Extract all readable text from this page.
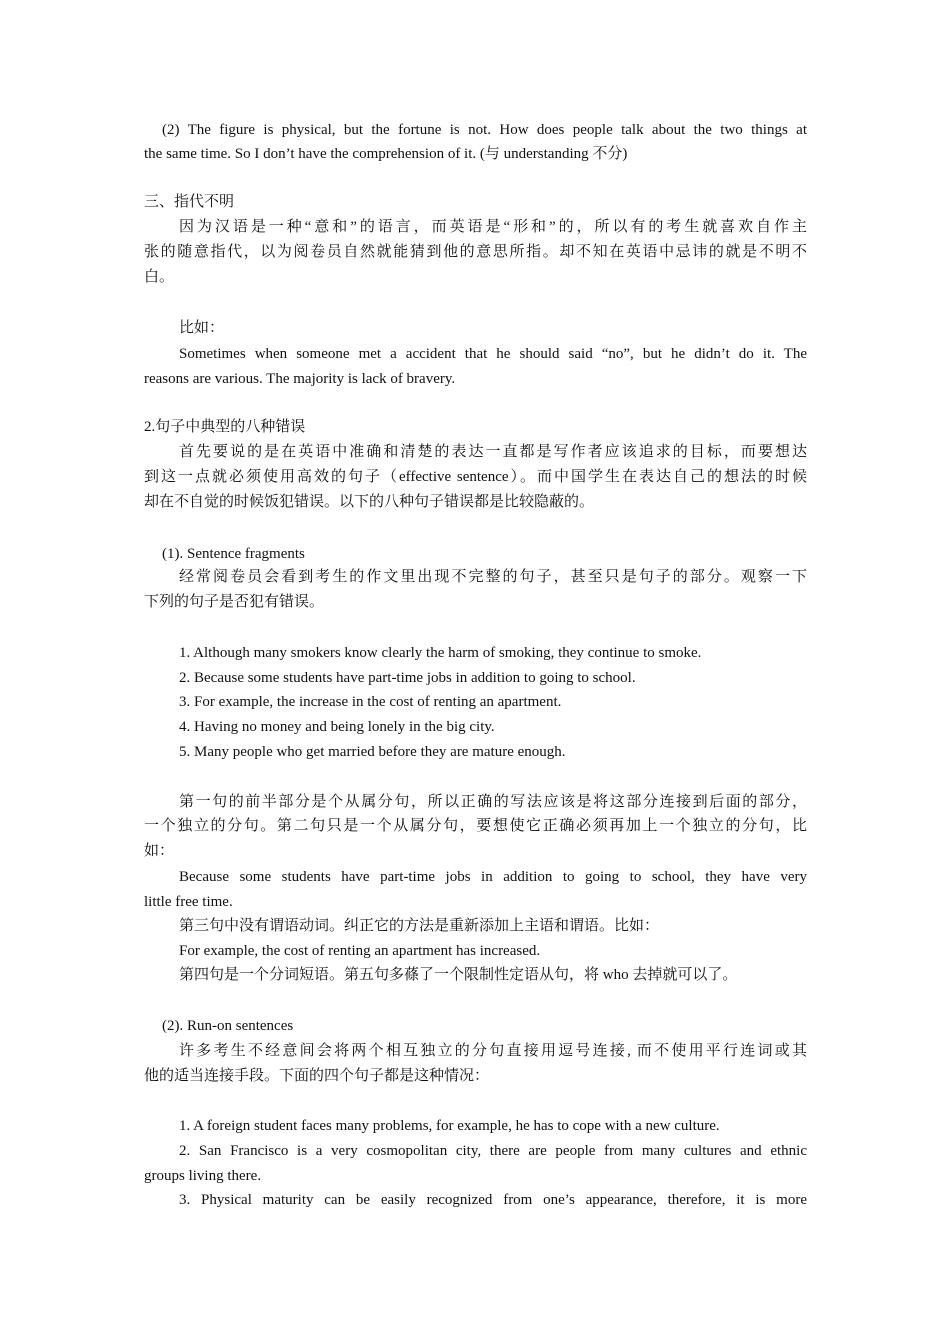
(2) The figure is physical, but the fortune is not. How does people talk about the two things at
the same time. So I don’t have the comprehension of it. (与 understanding 不分)
三、指代不明
因为汉语是一种“意和”的语言，而英语是“形和”的，所以有的考生就喜欢自作主
张的随意指代，以为阅卷员自然就能猜到他的意思所指。却不知在英语中忌讳的就是不明不
白。
比如：
Sometimes when someone met a accident that he should said “no”, but he didn’t do it. The
reasons are various. The majority is lack of bravery.
2.句子中典型的八种错误
首先要说的是在英语中准确和清楚的表达一直都是写作者应该追求的目标，而要想达
到这一点就必须使用高效的句子（effective sentence）。而中国学生在表达自己的想法的时候
却在不自觉的时候饭犯错误。以下的八种句子错误都是比较隐蔽的。
(1). Sentence fragments
经常阅卷员会看到考生的作文里出现不完整的句子，甚至只是句子的部分。观察一下
下列的句子是否犯有错误。
1. Although many smokers know clearly the harm of smoking, they continue to smoke.
2. Because some students have part-time jobs in addition to going to school.
3. For example, the increase in the cost of renting an apartment.
4. Having no money and being lonely in the big city.
5. Many people who get married before they are mature enough.
第一句的前半部分是个从属分句，所以正确的写法应该是将这部分连接到后面的部分，
一个独立的分句。第二句只是一个从属分句，要想使它正确必须再加上一个独立的分句，比
如：
Because some students have part-time jobs in addition to going to school, they have very
little free time.
第三句中没有谓语动词。纠正它的方法是重新添加上主语和谓语。比如：
For example, the cost of renting an apartment has increased.
第四句是一个分词短语。第五句多蓧了一个限制性定语从句，将 who 去掉就可以了。
(2). Run-on sentences
许多考生不经意间会将两个相互独立的分句直接用逗号连接, 而不使用平行连词或其
他的适当连接手段。下面的四个句子都是这种情况：
1. A foreign student faces many problems, for example, he has to cope with a new culture.
2. San Francisco is a very cosmopolitan city, there are people from many cultures and ethnic
groups living there.
3. Physical maturity can be easily recognized from one’s appearance, therefore, it is more
